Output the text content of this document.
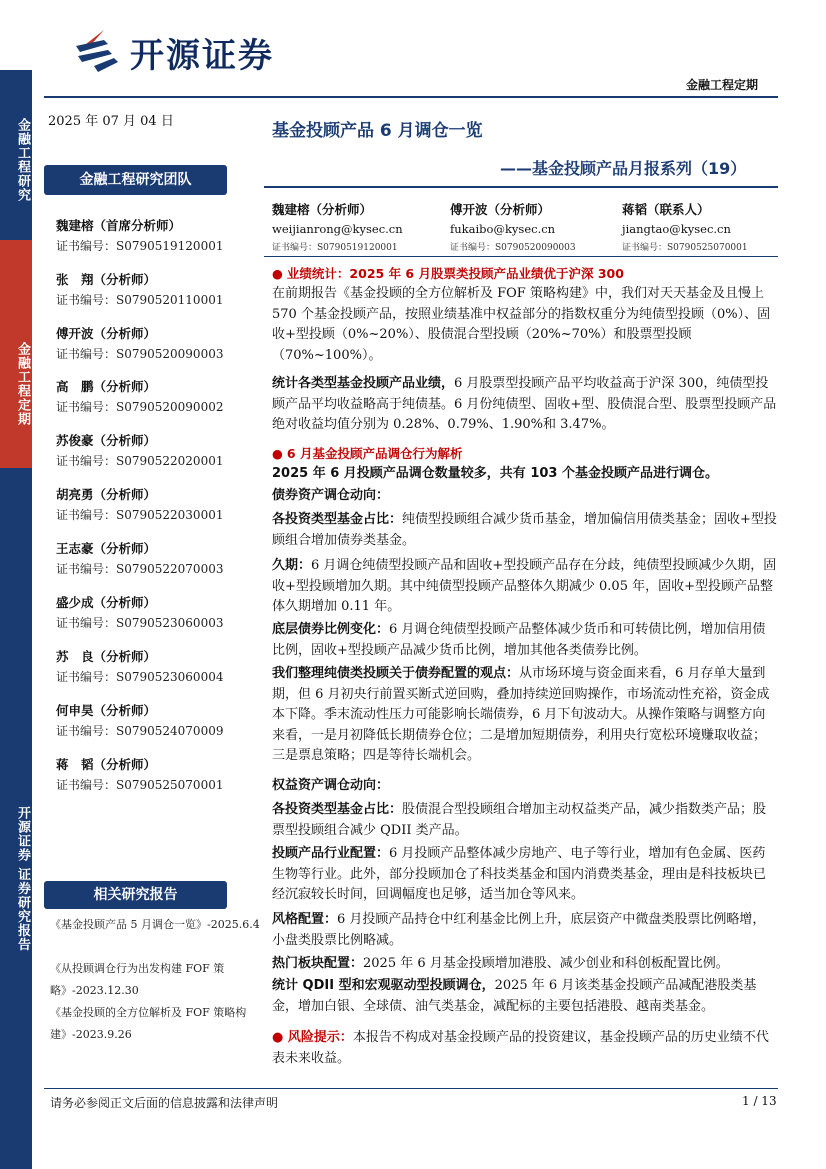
金融工程研究
金融工程定期
开源证券 证券研究报告
开源证券
金融工程定期
2025 年 07 月 04 日	基金投顾产品 6 月调仓一览
——基金投顾产品月报系列（19）
金融工程研究团队
魏建榕（首席分析师）
证书编号：S0790519120001
张　翔（分析师）
证书编号：S0790520110001
傅开波（分析师）
证书编号：S0790520090003
高　鹏（分析师）
证书编号：S0790520090002
苏俊豪（分析师）
证书编号：S0790522020001
胡亮勇（分析师）
证书编号：S0790522030001
王志豪（分析师）
证书编号：S0790522070003
盛少成（分析师）
证书编号：S0790523060003
苏　良（分析师）
证书编号：S0790523060004
何申昊（分析师）
证书编号：S0790524070009
蒋　韬（分析师）
证书编号：S0790525070001
相关研究报告
《基金投顾产品 5 月调仓一览》-2025.6.4
《从投顾调仓行为出发构建 FOF 策略》-2023.12.30
《基金投顾的全方位解析及 FOF 策略构建》-2023.9.26
魏建榕（分析师）
weijianrong@kysec.cn
证书编号：S0790519120001
傅开波（分析师）
fukaibo@kysec.cn
证书编号：S0790520090003
蒋韬（联系人）
jiangtao@kysec.cn
证书编号：S0790525070001
● 业绩统计：2025 年 6 月股票类投顾产品业绩优于沪深 300
在前期报告《基金投顾的全方位解析及 FOF 策略构建》中，我们对天天基金及且慢上 570 个基金投顾产品，按照业绩基准中权益部分的指数权重分为纯债型投顾（0%）、固收+型投顾（0%~20%）、股债混合型投顾（20%~70%）和股票型投顾（70%~100%）。
统计各类型基金投顾产品业绩，6 月股票型投顾产品平均收益高于沪深 300，纯债型投顾产品平均收益略高于纯债基。6 月份纯债型、固收+型、股债混合型、股票型投顾产品绝对收益均值分别为 0.28%、0.79%、1.90%和 3.47%。
● 6 月基金投顾产品调仓行为解析
2025 年 6 月投顾产品调仓数量较多，共有 103 个基金投顾产品进行调仓。
债券资产调仓动向：
各投资类型基金占比：纯债型投顾组合减少货币基金，增加偏信用债类基金；固收+型投顾组合增加债券类基金。
久期：6 月调仓纯债型投顾产品和固收+型投顾产品存在分歧，纯债型投顾减少久期，固收+型投顾增加久期。其中纯债型投顾产品整体久期减少 0.05 年，固收+型投顾产品整体久期增加 0.11 年。
底层债券比例变化：6 月调仓纯债型投顾产品整体减少货币和可转债比例，增加信用债比例，固收+型投顾产品减少货币比例，增加其他各类债券比例。
我们整理纯债类投顾关于债券配置的观点：从市场环境与资金面来看，6 月存单大量到期，但 6 月初央行前置买断式逆回购，叠加持续逆回购操作，市场流动性充裕，资金成本下降。季末流动性压力可能影响长端债券，6 月下旬波动大。从操作策略与调整方向来看，一是月初降低长期债券仓位；二是增加短期债券，利用央行宽松环境赚取收益；三是票息策略；四是等待长端机会。
权益资产调仓动向：
各投资类型基金占比：股债混合型投顾组合增加主动权益类产品，减少指数类产品；股票型投顾组合减少 QDII 类产品。
投顾产品行业配置：6 月投顾产品整体减少房地产、电子等行业，增加有色金属、医药生物等行业。此外，部分投顾加仓了科技类基金和国内消费类基金，理由是科技板块已经沉寂较长时间，回调幅度也足够，适当加仓等风来。
风格配置：6 月投顾产品持仓中红利基金比例上升，底层资产中微盘类股票比例略增，小盘类股票比例略减。
热门板块配置：2025 年 6 月基金投顾增加港股、减少创业和科创板配置比例。
统计 QDII 型和宏观驱动型投顾调仓，2025 年 6 月该类基金投顾产品减配港股类基金，增加白银、全球债、油气类基金，减配标的主要包括港股、越南类基金。
● 风险提示：本报告不构成对基金投顾产品的投资建议，基金投顾产品的历史业绩不代表未来收益。
请务必参阅正文后面的信息披露和法律声明	1 / 13
